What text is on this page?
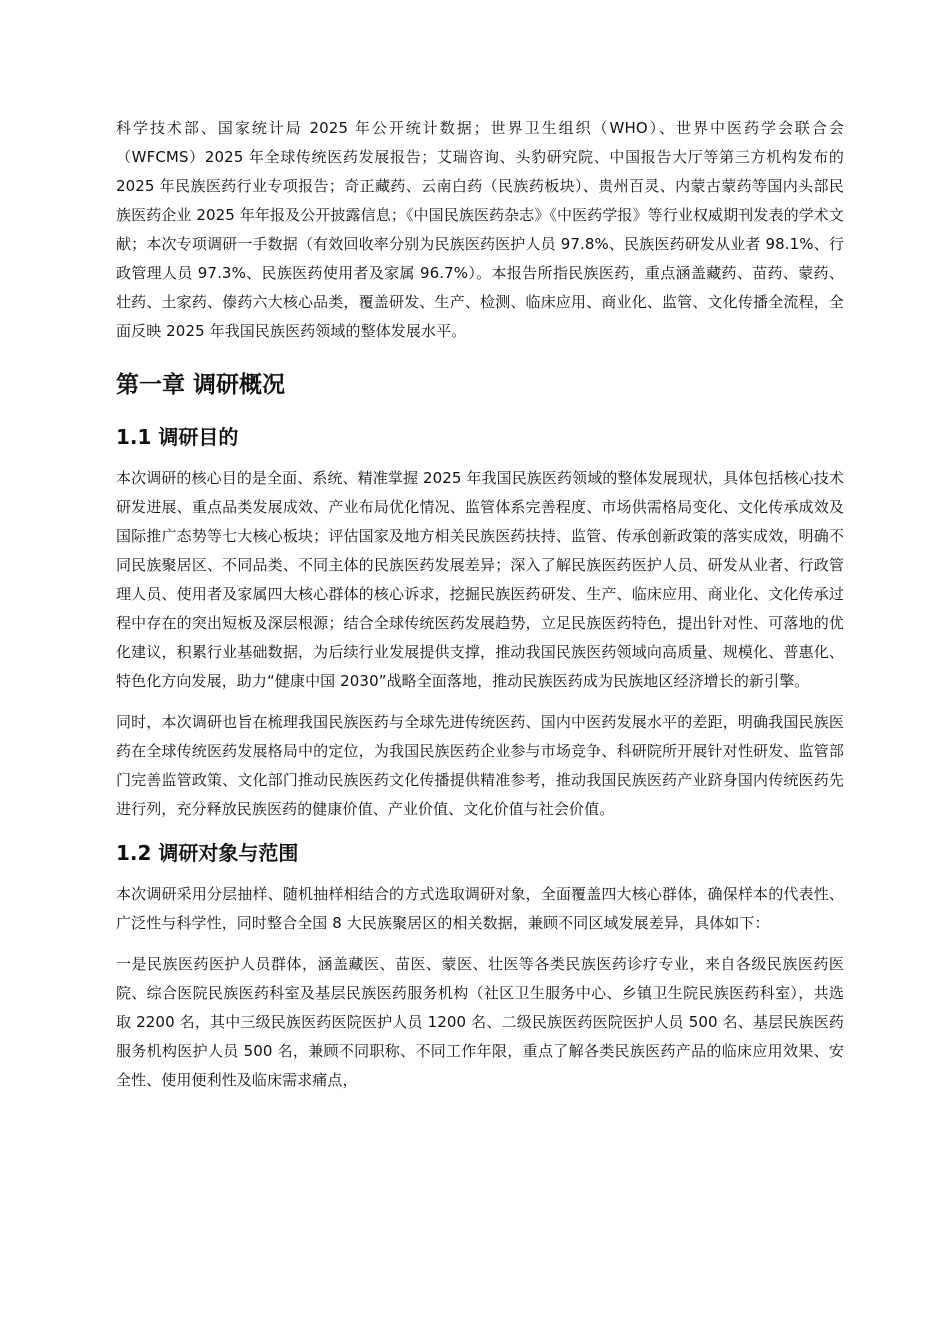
科学技术部、国家统计局 2025 年公开统计数据；世界卫生组织（WHO）、世界中医药学会联合会（WFCMS）2025 年全球传统医药发展报告；艾瑞咨询、头豹研究院、中国报告大厅等第三方机构发布的 2025 年民族医药行业专项报告；奇正藏药、云南白药（民族药板块）、贵州百灵、内蒙古蒙药等国内头部民族医药企业 2025 年年报及公开披露信息；《中国民族医药杂志》《中医药学报》等行业权威期刊发表的学术文献；本次专项调研一手数据（有效回收率分别为民族医药医护人员 97.8%、民族医药研发从业者 98.1%、行政管理人员 97.3%、民族医药使用者及家属 96.7%）。本报告所指民族医药，重点涵盖藏药、苗药、蒙药、壮药、土家药、傣药六大核心品类，覆盖研发、生产、检测、临床应用、商业化、监管、文化传播全流程，全面反映 2025 年我国民族医药领域的整体发展水平。

第一章 调研概况
1.1 调研目的

本次调研的核心目的是全面、系统、精准掌握 2025 年我国民族医药领域的整体发展现状，具体包括核心技术研发进展、重点品类发展成效、产业布局优化情况、监管体系完善程度、市场供需格局变化、文化传承成效及国际推广态势等七大核心板块；评估国家及地方相关民族医药扶持、监管、传承创新政策的落实成效，明确不同民族聚居区、不同品类、不同主体的民族医药发展差异；深入了解民族医药医护人员、研发从业者、行政管理人员、使用者及家属四大核心群体的核心诉求，挖掘民族医药研发、生产、临床应用、商业化、文化传承过程中存在的突出短板及深层根源；结合全球传统医药发展趋势，立足民族医药特色，提出针对性、可落地的优化建议，积累行业基础数据，为后续行业发展提供支撑，推动我国民族医药领域向高质量、规模化、普惠化、特色化方向发展，助力“健康中国 2030”战略全面落地，推动民族医药成为民族地区经济增长的新引擎。

同时，本次调研也旨在梳理我国民族医药与全球先进传统医药、国内中医药发展水平的差距，明确我国民族医药在全球传统医药发展格局中的定位，为我国民族医药企业参与市场竞争、科研院所开展针对性研发、监管部门完善监管政策、文化部门推动民族医药文化传播提供精准参考，推动我国民族医药产业跻身国内传统医药先进行列，充分释放民族医药的健康价值、产业价值、文化价值与社会价值。

1.2 调研对象与范围

本次调研采用分层抽样、随机抽样相结合的方式选取调研对象，全面覆盖四大核心群体，确保样本的代表性、广泛性与科学性，同时整合全国 8 大民族聚居区的相关数据，兼顾不同区域发展差异，具体如下：

一是民族医药医护人员群体，涵盖藏医、苗医、蒙医、壮医等各类民族医药诊疗专业，来自各级民族医药医院、综合医院民族医药科室及基层民族医药服务机构（社区卫生服务中心、乡镇卫生院民族医药科室），共选取 2200 名，其中三级民族医药医院医护人员 1200 名、二级民族医药医院医护人员 500 名、基层民族医药服务机构医护人员 500 名，兼顾不同职称、不同工作年限，重点了解各类民族医药产品的临床应用效果、安全性、使用便利性及临床需求痛点，
